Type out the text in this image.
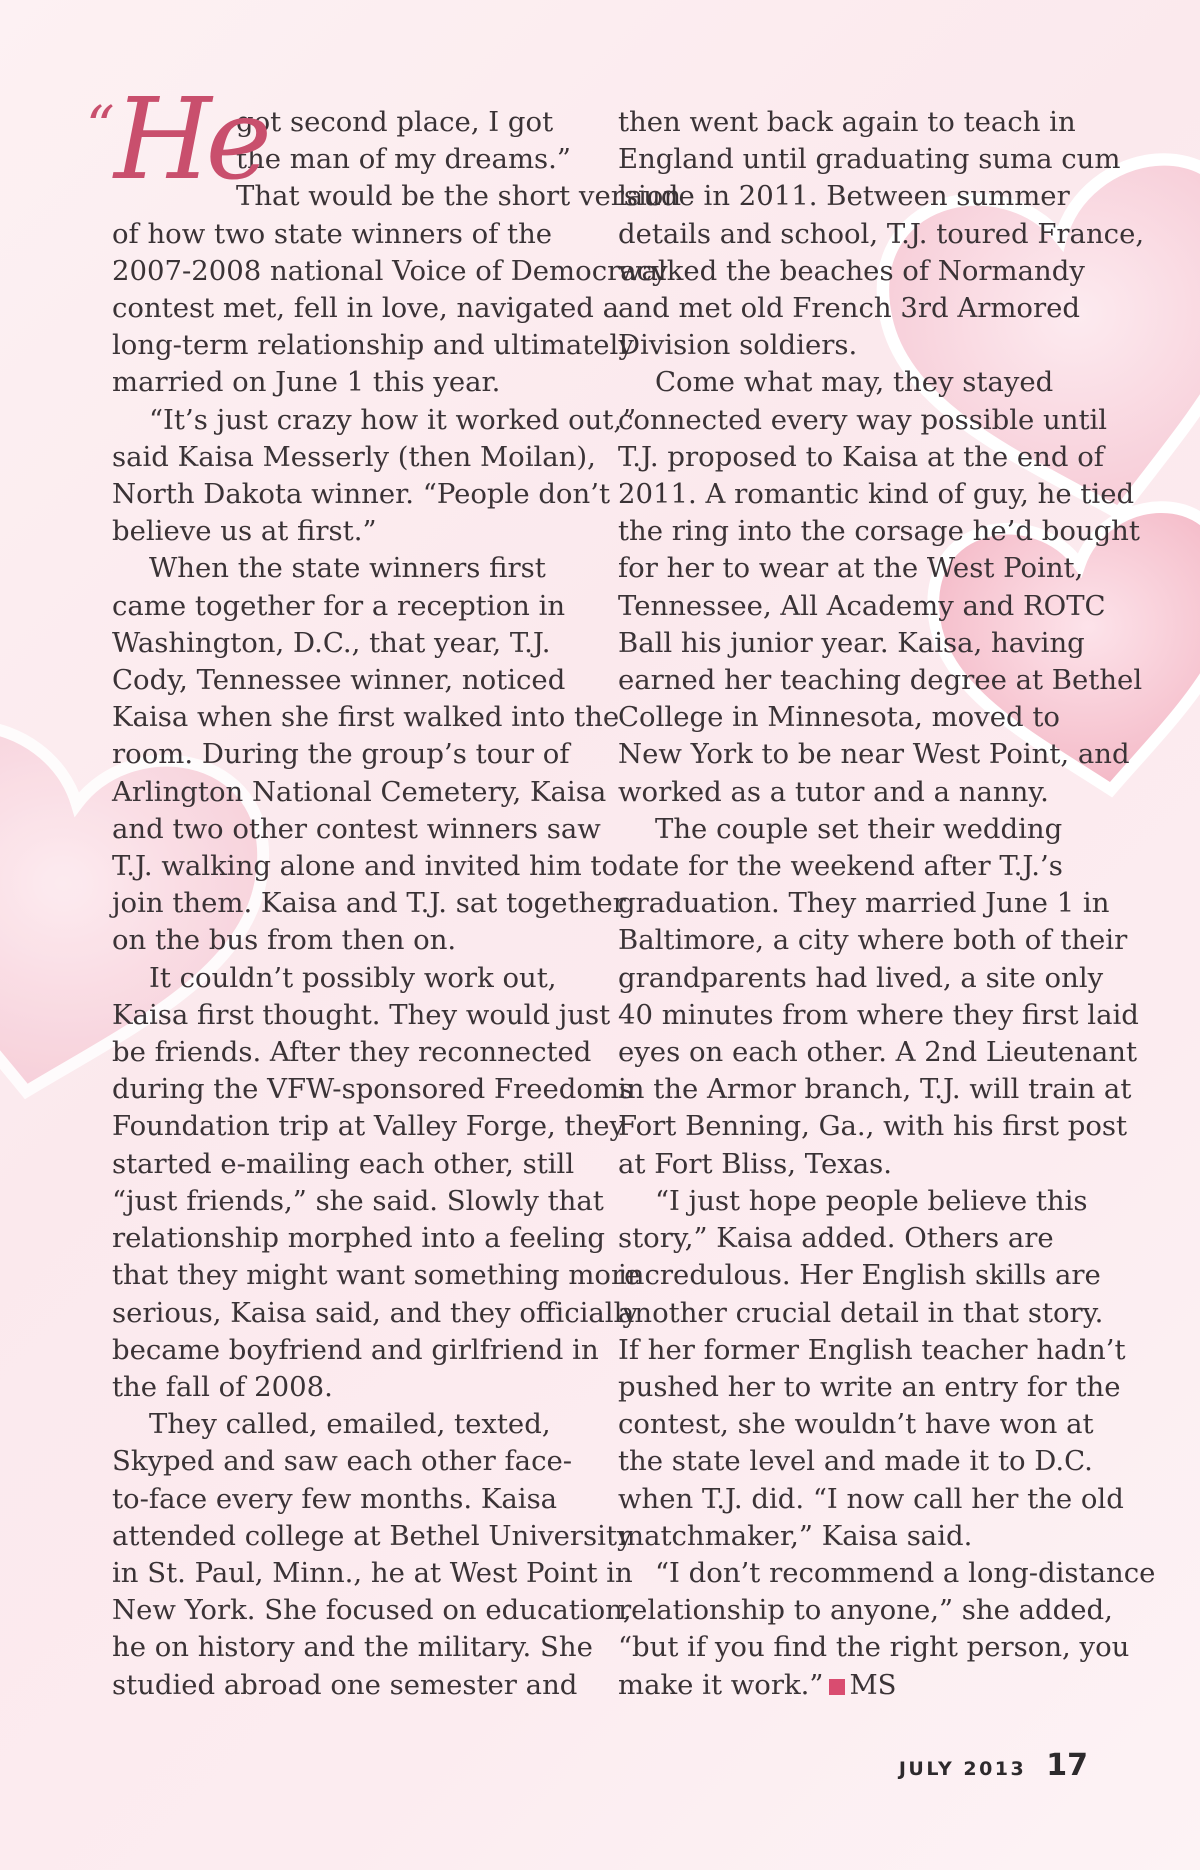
“ He

got second place, I got
the man of my dreams.”

That would be the short version
of how two state winners of the
2007-2008 national Voice of Democracy
contest met, fell in love, navigated a
long-term relationship and ultimately
married on June 1 this year.

“It’s just crazy how it worked out,”
said Kaisa Messerly (then Moilan),
North Dakota winner. “People don’t
believe us at first.”

When the state winners first
came together for a reception in
Washington, D.C., that year, T.J.
Cody, Tennessee winner, noticed
Kaisa when she first walked into the
room. During the group’s tour of
Arlington National Cemetery, Kaisa
and two other contest winners saw
T.J. walking alone and invited him to
join them. Kaisa and T.J. sat together
on the bus from then on.

It couldn’t possibly work out,
Kaisa first thought. They would just
be friends. After they reconnected
during the VFW-sponsored Freedoms
Foundation trip at Valley Forge, they
started e-mailing each other, still
“just friends,” she said. Slowly that
relationship morphed into a feeling
that they might want something more
serious, Kaisa said, and they officially
became boyfriend and girlfriend in
the fall of 2008.

They called, emailed, texted,
Skyped and saw each other face-
to-face every few months. Kaisa
attended college at Bethel University
in St. Paul, Minn., he at West Point in
New York. She focused on education,
he on history and the military. She
studied abroad one semester and

then went back again to teach in
England until graduating suma cum
laude in 2011. Between summer
details and school, T.J. toured France,
walked the beaches of Normandy
and met old French 3rd Armored
Division soldiers.

Come what may, they stayed
connected every way possible until
T.J. proposed to Kaisa at the end of
2011. A romantic kind of guy, he tied
the ring into the corsage he’d bought
for her to wear at the West Point,
Tennessee, All Academy and ROTC
Ball his junior year. Kaisa, having
earned her teaching degree at Bethel
College in Minnesota, moved to
New York to be near West Point, and
worked as a tutor and a nanny.

The couple set their wedding
date for the weekend after T.J.’s
graduation. They married June 1 in
Baltimore, a city where both of their
grandparents had lived, a site only
40 minutes from where they first laid
eyes on each other. A 2nd Lieutenant
in the Armor branch, T.J. will train at
Fort Benning, Ga., with his first post
at Fort Bliss, Texas.

“I just hope people believe this
story,” Kaisa added. Others are
incredulous. Her English skills are
another crucial detail in that story.
If her former English teacher hadn’t
pushed her to write an entry for the
contest, she wouldn’t have won at
the state level and made it to D.C.
when T.J. did. “I now call her the old
matchmaker,” Kaisa said.

“I don’t recommend a long-distance
relationship to anyone,” she added,
“but if you find the right person, you
make it work.” MS

JULY 2013 17
